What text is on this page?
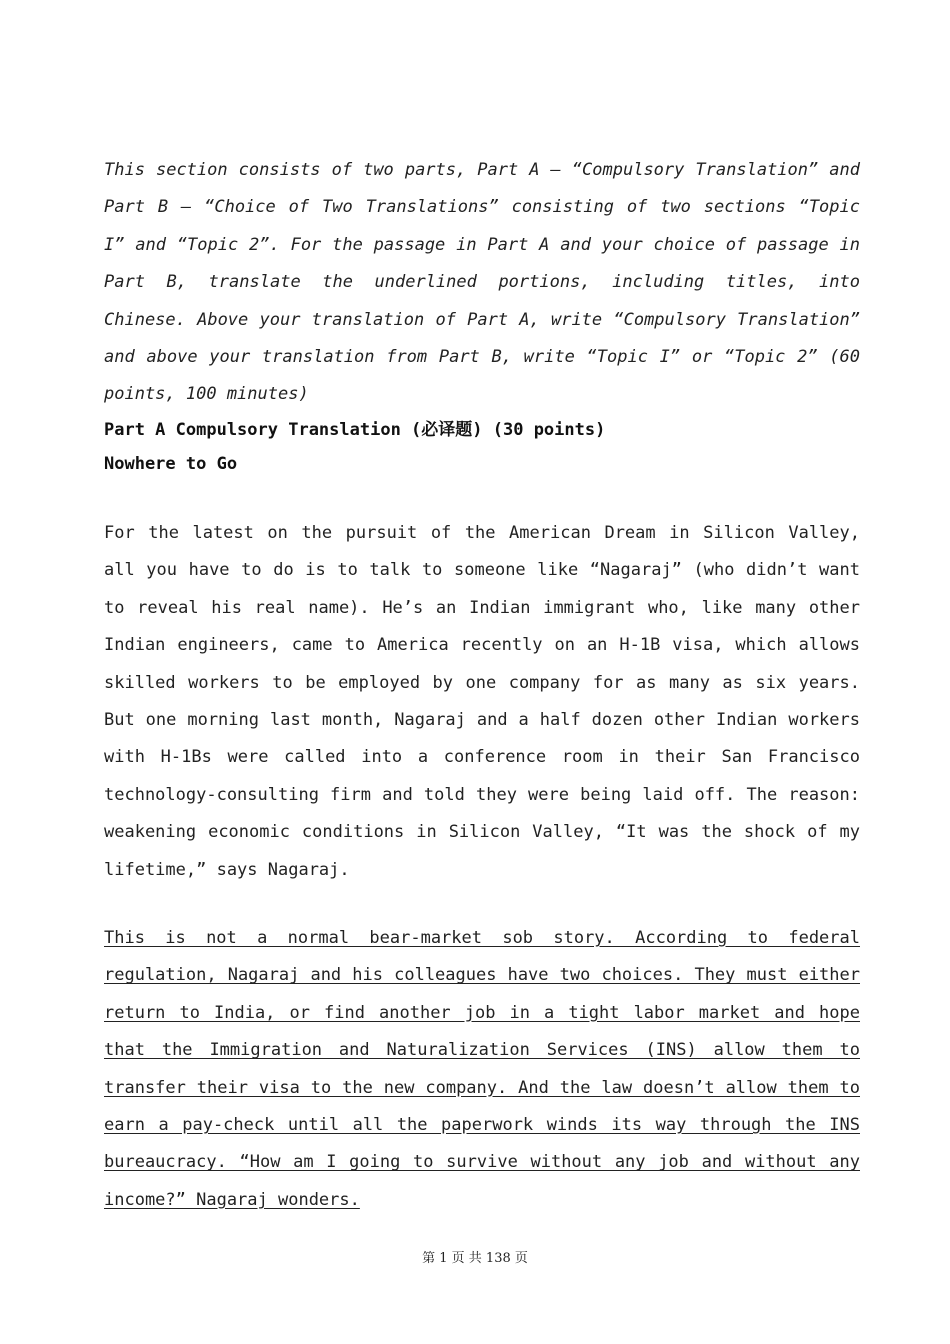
This section consists of two parts, Part A — “Compulsory Translation” and Part B — “Choice of Two Translations” consisting of two sections “Topic I” and “Topic 2”. For the passage in Part A and your choice of passage in Part B, translate the underlined portions, including titles, into Chinese. Above your translation of Part A, write “Compulsory Translation” and above your translation from Part B, write “Topic I” or “Topic 2” (60 points, 100 minutes)

Part A Compulsory Translation (必译题) (30 points)

Nowhere to Go

For the latest on the pursuit of the American Dream in Silicon Valley, all you have to do is to talk to someone like “Nagaraj” (who didn’t want to reveal his real name). He’s an Indian immigrant who, like many other Indian engineers, came to America recently on an H-1B visa, which allows skilled workers to be employed by one company for as many as six years. But one morning last month, Nagaraj and a half dozen other Indian workers with H-1Bs were called into a conference room in their San Francisco technology-consulting firm and told they were being laid off. The reason: weakening economic conditions in Silicon Valley, “It was the shock of my lifetime,” says Nagaraj.

This is not a normal bear-market sob story. According to federal regulation, Nagaraj and his colleagues have two choices. They must either return to India, or find another job in a tight labor market and hope that the Immigration and Naturalization Services (INS) allow them to transfer their visa to the new company. And the law doesn’t allow them to earn a pay-check until all the paperwork winds its way through the INS bureaucracy. “How am I going to survive without any job and without any income?” Nagaraj wonders.

第 1 页 共 138 页
